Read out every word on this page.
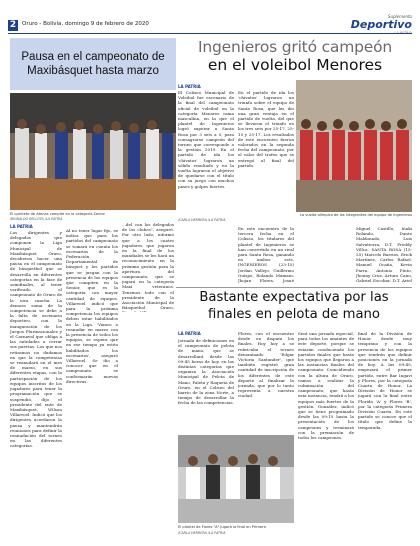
2	Oruro - Bolivia, domingo 9 de febrero de 2020
Suplemento
Deportivo
Pausa en el campeonato de Maxibásquet hasta marzo
El quinteto de Atenas compite en la categoría Senior
/REINALDO BELLOTA /LA PATRIA
LA PATRIA
Los dirigentes y delegados que componen la Liga Municipal de Maxibásquet Oruro, decidieron hacer una pausa en el campeonato de básquetbol que se desarrolla en diferentes categorías en la fase de semifinales, al tener verificado el campeonato de Oruro de la otra cancha. La demora suma de la competencia se debe a la falta de escenario deportivo, con la inauguración de los Juegos Plurinacionales y el Carnaval que obliga a las entidades a cerrar sus puertas. Los que nos retiramos no dudamos en que la competencia se reanudará en el mes de marzo, en sus diferentes etapas, con la participación de los equipos inscritos de los jugadores para tener la programación que se suspendió, dijo el presidente del ente de Maxibásquet, Wilson Villarroel. Indicó que los dirigentes acordaron la pausa y mantendrán reuniones para definir la reanudación del torneo en las diferentes categorías.
Al no tener lugar fijo, se indica que para los partidos del campeonato se tomará en cuenta los escenarios de la Federación Departamental de básquet y los partidos que se juegan con la presencia de los equipos que compiten en la Senior, que es la categoría con mayor cantidad de equipos. Villarroel indicó que para la próxima competencia los equipos deben estar habilitados en la Liga. 'Vamos a reanudar en marzo con la presencia de todos los equipos, se espera que en ese tiempo ya estén habilitados los escenarios', aseguró Villarroel. Se dio a conocer que en el campeonato se conformarán nuevas directivas.
...del con los delegados de los clubes", aseguró. Por otro lado, informó que a los cuatro jugadores que jugaron en la final de los mundiales se les hará un reconocimiento en la próxima gestión para la apertura del campeonato, que se jugará en la categoría Maxi veteranos. Tenemos todo con el presidente de la Asociación Municipal de Básquetbol Oruro,
Ingenieros gritó campeón
en el voleibol Menores
LA PATRIA
El Coliseo Municipal de Voleibol fue escenario de la final del campeonato oficial de voleibol en la categoría Menores rama masculina, en la que el plantel de Ingenieros logró superar a Santa Rosa por 3 sets a 0, para consagrarse campeón del torneo que corresponde a la gestión 2019. En el partido de ida los 'chivatos' lograron un sólido resultado y en la vuelta lograron el objetivo de quedarse con el título con su juego con muchos pases y golpes fuertes.
En el partido de ida los 'chivatos' lograron un triunfo sobre el equipo de Santa Rosa, que les dio una gran ventaja en el partido de vuelta, del que se llevaron el triunfo en los tres sets por 25-17, 25-15 y 25-17. Los resultados de este encuentro fueron valorados en la segunda fecha del campeonato, por el valor del trofeo que se entregó al final del partido.
La vuelta olímpica de los integrantes del equipo de Ingenieros
/CARLA HERRERA /LA PATRIA
En este encuentro de la tercera fecha en el Coliseo, los titulares del plantel de Ingenieros se han convertido en un rival para Santa Rosa, ganando en ambos sets. INGENIEROS (23-15) Jordan Vallejo, Guillermo Quispe, Rolando Mamani, Jhojan Flores, Josué
Miguel Castillo, Iñaki Rolando, Dante Maldonado, Luis Salvatierra, D.T. Freddy Villca. SANTA ROSA (15-25) Marcelo Barrios, Erick Martínez, Carlos Rafael, Manuel Ocaña, Kevin Parra, Antonio Pinto, Jhonny Cruz, Arturo Cano, Gabriel Escobar, D.T. Ariel
Bastante expectativa por las
finales en pelota de mano
LA PATRIA
Jornada de definiciones en el campeonato de pelota de mano, que se desarrollará desde las 09:45 horas de hoy, en las distintas categorías que organiza la Asociación Municipal de Pelota de Mano, Paleta y Raqueta de Oruro, en el Coliseo del barrio de la zona Norte, a tiempo de desarrollar la fecha de las competencias.
Flores, con el encuentro desde en disputa los finales. Hoy hoy a se rubricaba el torneo denominado 'Edgar Victoria Santander', que también registró gran cantidad de inscripción de los diferentes de este deporte al finalizar la jornada, que por lo tanto representa a nuestra ciudad.
Será una jornada especial, para todos los amantes de este deporte, porque se estarán conduciendo los partidos finales que hasta los equipos que llegaron a las instancias finales del campeonato. Coincidiendo con la altura de Oruro, vamos a realizar la culminación del campeonato, que hasta esta instancia, tendrá a los equipos más fuertes de la gestión. González, indicó que se tiene programado desde las 09:15 hasta la presentación de los campeones y terminará con la premiación de todos los campeones.
final de la División de Honor desde muy temprano y con la presencia de los equipos que tendrán que definir posiciones en la jornada de hoy. A las 09:45, empezará el primer partido, entre Bar Ingavi y Flores, por la categoría Cuarta de Honor. La División de Honor se jugará con la final entre Florida 'A' y Flores 'B', por la categoría Primera División Cuarta. En este partido se conoce que el título que define la temporada.
El plantel de Flores "A" jugará la final en Primera
/CARLA HERRERA /LA PATRIA
